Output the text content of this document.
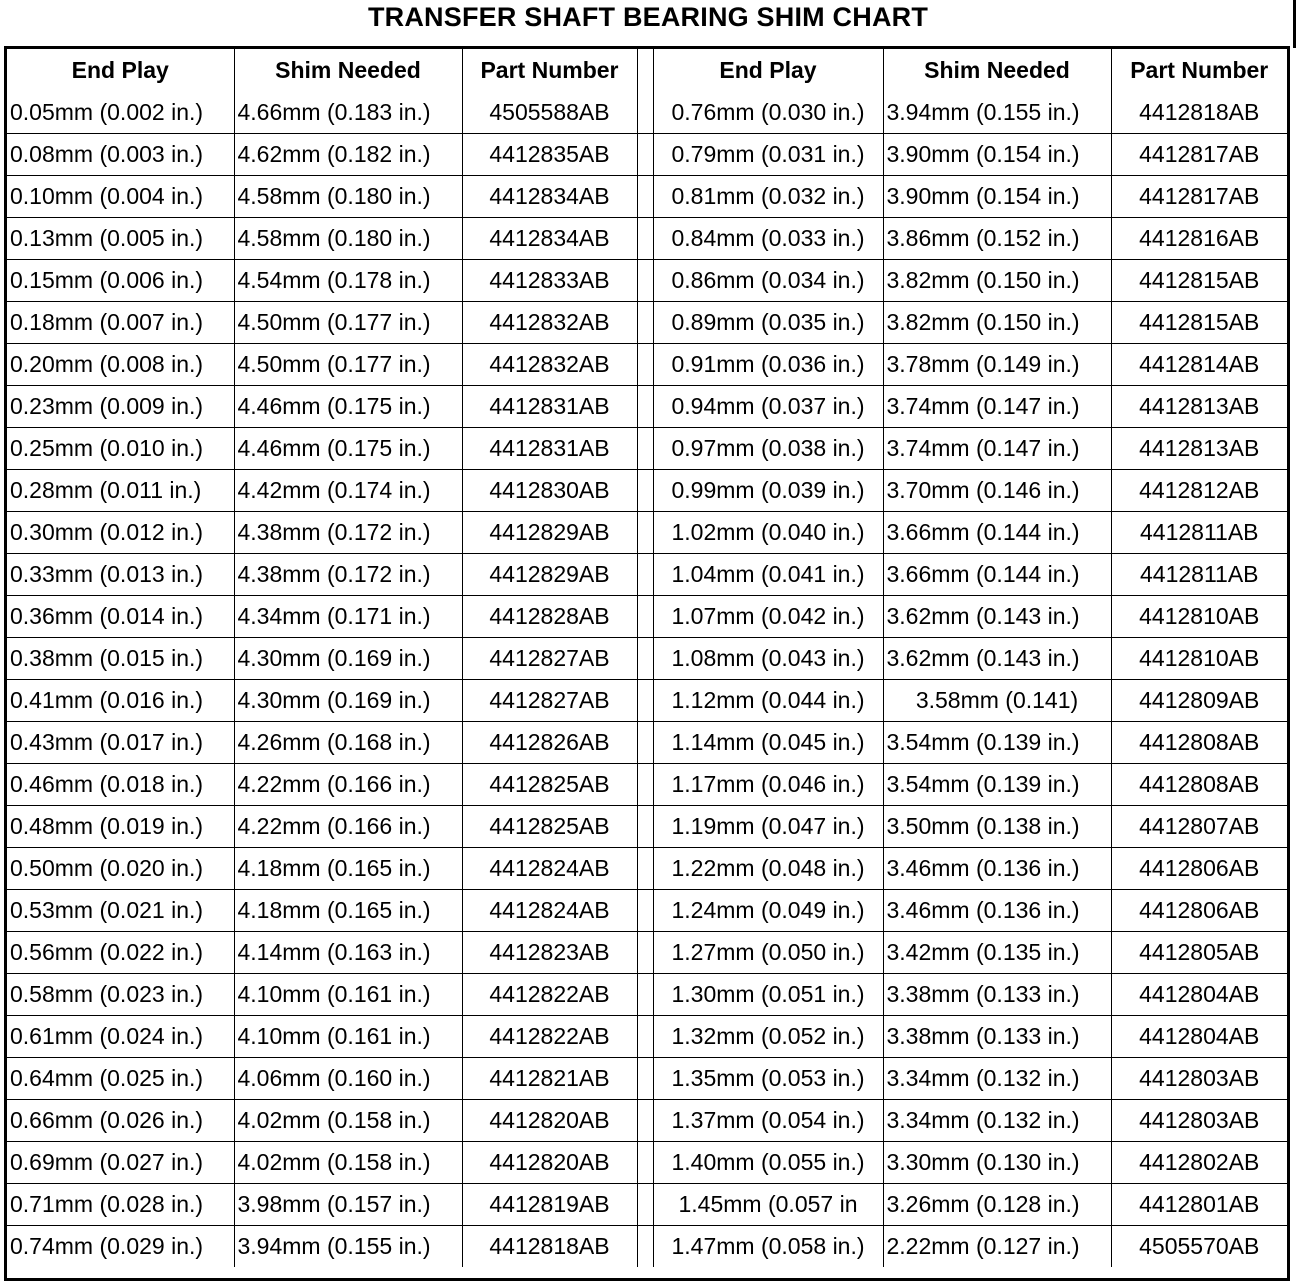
TRANSFER SHAFT BEARING SHIM CHART
End Play	Shim Needed	Part Number		End Play	Shim Needed	Part Number
0.05mm (0.002 in.)	4.66mm (0.183 in.)	4505588AB		0.76mm (0.030 in.)	3.94mm (0.155 in.)	4412818AB
0.08mm (0.003 in.)	4.62mm (0.182 in.)	4412835AB		0.79mm (0.031 in.)	3.90mm (0.154 in.)	4412817AB
0.10mm (0.004 in.)	4.58mm (0.180 in.)	4412834AB		0.81mm (0.032 in.)	3.90mm (0.154 in.)	4412817AB
0.13mm (0.005 in.)	4.58mm (0.180 in.)	4412834AB		0.84mm (0.033 in.)	3.86mm (0.152 in.)	4412816AB
0.15mm (0.006 in.)	4.54mm (0.178 in.)	4412833AB		0.86mm (0.034 in.)	3.82mm (0.150 in.)	4412815AB
0.18mm (0.007 in.)	4.50mm (0.177 in.)	4412832AB		0.89mm (0.035 in.)	3.82mm (0.150 in.)	4412815AB
0.20mm (0.008 in.)	4.50mm (0.177 in.)	4412832AB		0.91mm (0.036 in.)	3.78mm (0.149 in.)	4412814AB
0.23mm (0.009 in.)	4.46mm (0.175 in.)	4412831AB		0.94mm (0.037 in.)	3.74mm (0.147 in.)	4412813AB
0.25mm (0.010 in.)	4.46mm (0.175 in.)	4412831AB		0.97mm (0.038 in.)	3.74mm (0.147 in.)	4412813AB
0.28mm (0.011 in.)	4.42mm (0.174 in.)	4412830AB		0.99mm (0.039 in.)	3.70mm (0.146 in.)	4412812AB
0.30mm (0.012 in.)	4.38mm (0.172 in.)	4412829AB		1.02mm (0.040 in.)	3.66mm (0.144 in.)	4412811AB
0.33mm (0.013 in.)	4.38mm (0.172 in.)	4412829AB		1.04mm (0.041 in.)	3.66mm (0.144 in.)	4412811AB
0.36mm (0.014 in.)	4.34mm (0.171 in.)	4412828AB		1.07mm (0.042 in.)	3.62mm (0.143 in.)	4412810AB
0.38mm (0.015 in.)	4.30mm (0.169 in.)	4412827AB		1.08mm (0.043 in.)	3.62mm (0.143 in.)	4412810AB
0.41mm (0.016 in.)	4.30mm (0.169 in.)	4412827AB		1.12mm (0.044 in.)	3.58mm (0.141)	4412809AB
0.43mm (0.017 in.)	4.26mm (0.168 in.)	4412826AB		1.14mm (0.045 in.)	3.54mm (0.139 in.)	4412808AB
0.46mm (0.018 in.)	4.22mm (0.166 in.)	4412825AB		1.17mm (0.046 in.)	3.54mm (0.139 in.)	4412808AB
0.48mm (0.019 in.)	4.22mm (0.166 in.)	4412825AB		1.19mm (0.047 in.)	3.50mm (0.138 in.)	4412807AB
0.50mm (0.020 in.)	4.18mm (0.165 in.)	4412824AB		1.22mm (0.048 in.)	3.46mm (0.136 in.)	4412806AB
0.53mm (0.021 in.)	4.18mm (0.165 in.)	4412824AB		1.24mm (0.049 in.)	3.46mm (0.136 in.)	4412806AB
0.56mm (0.022 in.)	4.14mm (0.163 in.)	4412823AB		1.27mm (0.050 in.)	3.42mm (0.135 in.)	4412805AB
0.58mm (0.023 in.)	4.10mm (0.161 in.)	4412822AB		1.30mm (0.051 in.)	3.38mm (0.133 in.)	4412804AB
0.61mm (0.024 in.)	4.10mm (0.161 in.)	4412822AB		1.32mm (0.052 in.)	3.38mm (0.133 in.)	4412804AB
0.64mm (0.025 in.)	4.06mm (0.160 in.)	4412821AB		1.35mm (0.053 in.)	3.34mm (0.132 in.)	4412803AB
0.66mm (0.026 in.)	4.02mm (0.158 in.)	4412820AB		1.37mm (0.054 in.)	3.34mm (0.132 in.)	4412803AB
0.69mm (0.027 in.)	4.02mm (0.158 in.)	4412820AB		1.40mm (0.055 in.)	3.30mm (0.130 in.)	4412802AB
0.71mm (0.028 in.)	3.98mm (0.157 in.)	4412819AB		1.45mm (0.057 in	3.26mm (0.128 in.)	4412801AB
0.74mm (0.029 in.)	3.94mm (0.155 in.)	4412818AB		1.47mm (0.058 in.)	2.22mm (0.127 in.)	4505570AB
